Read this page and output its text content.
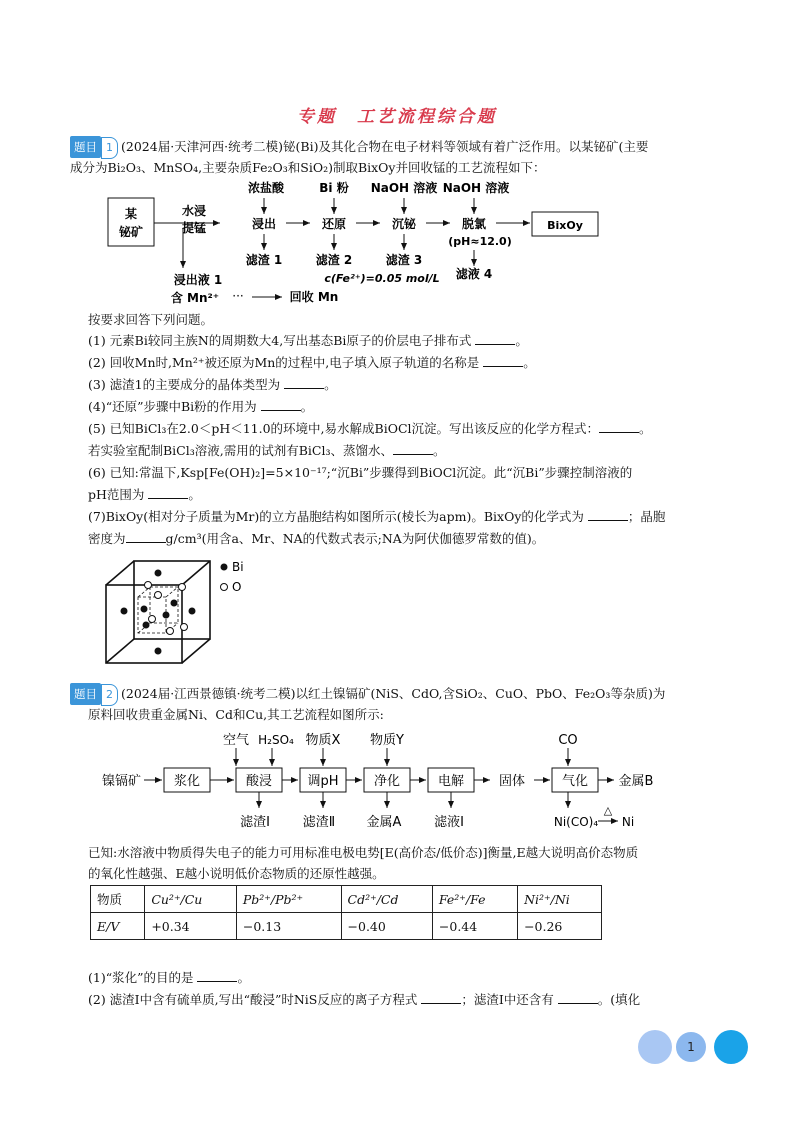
专题　工艺流程综合题
题目 1 (2024届·天津河西·统考二模)铋(Bi)及其化合物在电子材料等领域有着广泛作用。以某铋矿(主要
成分为Bi₂O₃、MnSO₄,主要杂质Fe₂O₃和SiO₂)制取BixOy并回收锰的工艺流程如下：
某
铋矿
水浸
提锰
浸出液 1
含 Mn²⁺ ···	回收 Mn
浓盐酸
浸出
滤渣 1
Bi 粉
还原
滤渣 2
NaOH 溶液
沉铋
滤渣 3
c(Fe²⁺)=0.05 mol/L
NaOH 溶液
脱氯
(pH≈12.0)
滤液 4
BixOy
按要求回答下列问题。
(1) 元素Bi较同主族N的周期数大4,写出基态Bi原子的价层电子排布式	。
(2) 回收Mn时,Mn²⁺被还原为Mn的过程中,电子填入原子轨道的名称是	。
(3) 滤渣1的主要成分的晶体类型为	。
(4)“还原”步骤中Bi粉的作用为	。
(5) 已知BiCl₃在2.0＜pH＜11.0的环境中,易水解成BiOCl沉淀。写出该反应的化学方程式：	。
若实验室配制BiCl₃溶液,需用的试剂有BiCl₃、蒸馏水、	。
(6) 已知:常温下,Ksp[Fe(OH)₂]=5×10⁻¹⁷;“沉Bi”步骤得到BiOCl沉淀。此“沉Bi”步骤控制溶液的
pH范围为	。
(7)BixOy(相对分子质量为Mr)的立方晶胞结构如图所示(棱长为apm)。BixOy的化学式为	；晶胞
密度为	g/cm³(用含a、Mr、NA的代数式表示;NA为阿伏伽德罗常数的值)。
Bi
O
题目 2 (2024届·江西景德镇·统考二模)以红土镍镉矿(NiS、CdO,含SiO₂、CuO、PbO、Fe₂O₃等杂质)为
原料回收贵重金属Ni、Cd和Cu,其工艺流程如图所示:
镍镉矿	浆化	酸浸	调pH	净化	电解	固体	气化 金属B
空气 H₂SO₄ 物质X 物质Y	CO
滤渣Ⅰ	滤渣Ⅱ 金属A	滤液Ⅰ	Ni(CO)₄
△
Ni
已知:水溶液中物质得失电子的能力可用标准电极电势[E(高价态/低价态)]衡量,E越大说明高价态物质
的氧化性越强、E越小说明低价态物质的还原性越强。
物质	Cu²⁺/Cu	Pb²⁺/Pb²⁺	Cd²⁺/Cd	Fe²⁺/Fe	Ni²⁺/Ni
E/V	+0.34	−0.13	−0.40	−0.44	−0.26
(1)“浆化”的目的是	。
(2) 滤渣Ⅰ中含有硫单质,写出“酸浸”时NiS反应的离子方程式	；滤渣Ⅰ中还含有	。(填化
1
